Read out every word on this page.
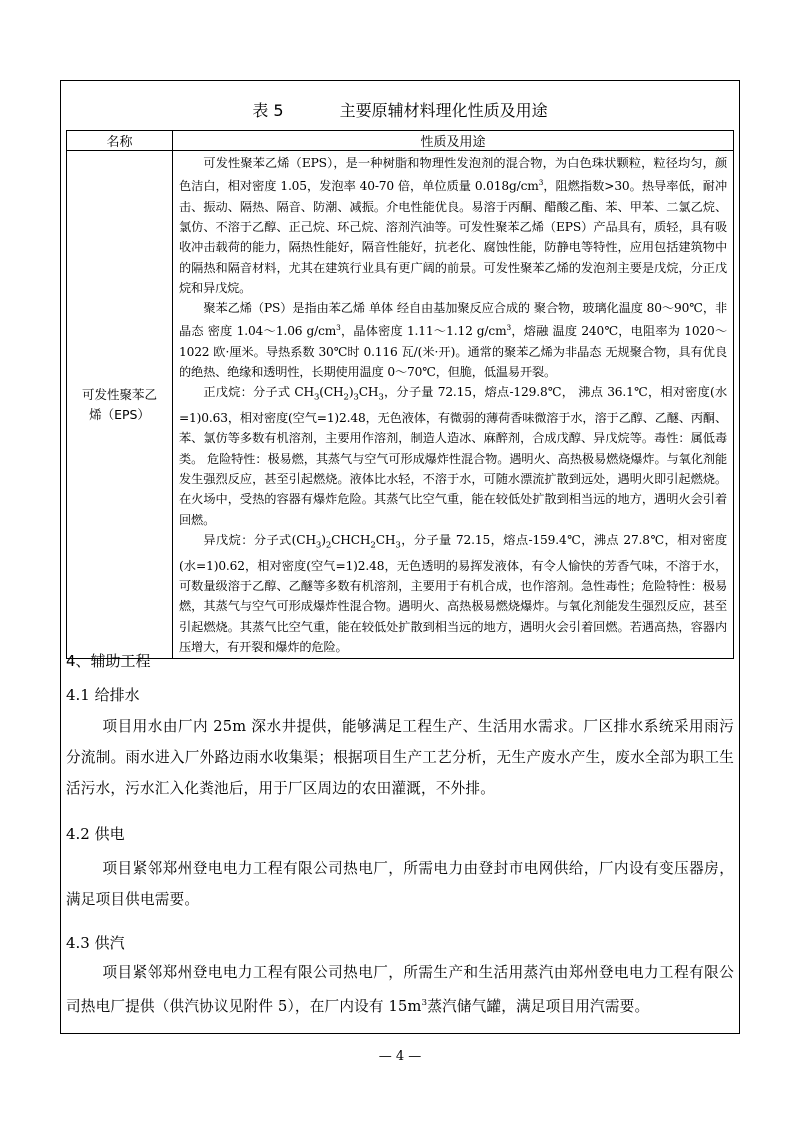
表 5	主要原辅材料理化性质及用途
名称	性质及用途
可发性聚苯乙烯（EPS）	可发性聚苯乙烯（EPS），是一种树脂和物理性发泡剂的混合物，为白色珠状颗粒，粒径均匀，颜色洁白，相对密度 1.05，发泡率 40-70 倍，单位质量 $0.018g/cm^3$，阻燃指数>30。热导率低，耐冲击、振动、隔热、隔音、防潮、减振。介电性能优良。易溶于丙酮、醋酸乙酯、苯、甲苯、二氯乙烷、氯仿、不溶于乙醇、正己烷、环己烷、溶剂汽油等。可发性聚苯乙烯（EPS）产品具有，质轻，具有吸收冲击载荷的能力，隔热性能好，隔音性能好，抗老化、腐蚀性能，防静电等特性，应用包括建筑物中的隔热和隔音材料，尤其在建筑行业具有更广阔的前景。可发性聚苯乙烯的发泡剂主要是戊烷，分正戊烷和异戊烷。

聚苯乙烯（PS）是指由苯乙烯 单体 经自由基加聚反应合成的 聚合物，玻璃化温度 80～90℃，非晶态 密度 1.04～1.06 $g/cm^3$，晶体密度 1.11～1.12 $g/cm^3$，熔融 温度 240℃，电阻率为 1020～1022 欧·厘米。导热系数 30℃时 0.116 瓦/(米·开)。通常的聚苯乙烯为非晶态 无规聚合物，具有优良的绝热、绝缘和透明性，长期使用温度 0～70℃，但脆，低温易开裂。

正戊烷：分子式 $CH_3(CH_2)_3CH_3$，分子量 72.15，熔点-129.8℃， 沸点 36.1℃，相对密度(水=1)0.63，相对密度(空气=1)2.48，无色液体，有微弱的薄荷香味微溶于水，溶于乙醇、乙醚、丙酮、苯、氯仿等多数有机溶剂，主要用作溶剂，制造人造冰、麻醉剂，合成戊醇、异戊烷等。毒性：属低毒类。 危险特性：极易燃，其蒸气与空气可形成爆炸性混合物。遇明火、高热极易燃烧爆炸。与氧化剂能发生强烈反应，甚至引起燃烧。液体比水轻，不溶于水，可随水漂流扩散到远处，遇明火即引起燃烧。在火场中，受热的容器有爆炸危险。其蒸气比空气重，能在较低处扩散到相当远的地方，遇明火会引着回燃。

异戊烷：分子式$(CH_3)_2CHCH_2CH_3$，分子量 72.15，熔点-159.4℃，沸点 27.8℃，相对密度(水=1)0.62，相对密度(空气=1)2.48，无色透明的易挥发液体，有令人愉快的芳香气味，不溶于水，可数量级溶于乙醇、乙醚等多数有机溶剂，主要用于有机合成，也作溶剂。急性毒性；危险特性：极易燃，其蒸气与空气可形成爆炸性混合物。遇明火、高热极易燃烧爆炸。与氧化剂能发生强烈反应，甚至引起燃烧。其蒸气比空气重，能在较低处扩散到相当远的地方，遇明火会引着回燃。若遇高热，容器内压增大，有开裂和爆炸的危险。

4、辅助工程
4.1 给排水
项目用水由厂内 25m 深水井提供，能够满足工程生产、生活用水需求。厂区排水系统采用雨污分流制。雨水进入厂外路边雨水收集渠；根据项目生产工艺分析，无生产废水产生，废水全部为职工生活污水，污水汇入化粪池后，用于厂区周边的农田灌溉，不外排。
4.2 供电
项目紧邻郑州登电电力工程有限公司热电厂，所需电力由登封市电网供给，厂内设有变压器房，满足项目供电需要。
4.3 供汽
项目紧邻郑州登电电力工程有限公司热电厂，所需生产和生活用蒸汽由郑州登电电力工程有限公司热电厂提供（供汽协议见附件 5），在厂内设有 $15m^3$蒸汽储气罐，满足项目用汽需要。
— 4 —
